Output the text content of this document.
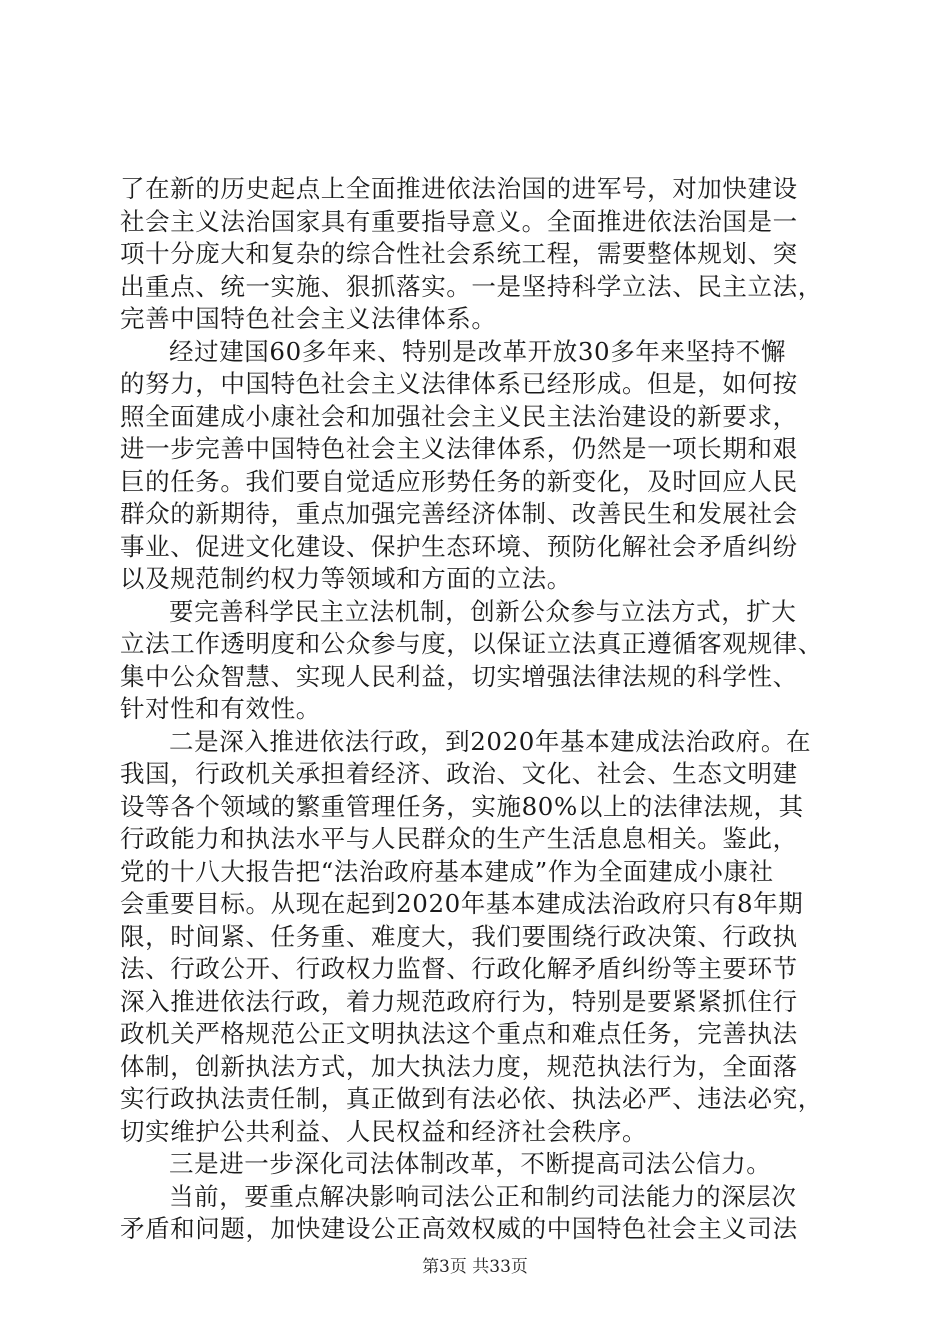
了在新的历史起点上全面推进依法治国的进军号，对加快建设
社会主义法治国家具有重要指导意义。全面推进依法治国是一
项十分庞大和复杂的综合性社会系统工程，需要整体规划、突
出重点、统一实施、狠抓落实。一是坚持科学立法、民主立法，
完善中国特色社会主义法律体系。
经过建国60多年来、特别是改革开放30多年来坚持不懈
的努力，中国特色社会主义法律体系已经形成。但是，如何按
照全面建成小康社会和加强社会主义民主法治建设的新要求，
进一步完善中国特色社会主义法律体系，仍然是一项长期和艰
巨的任务。我们要自觉适应形势任务的新变化，及时回应人民
群众的新期待，重点加强完善经济体制、改善民生和发展社会
事业、促进文化建设、保护生态环境、预防化解社会矛盾纠纷
以及规范制约权力等领域和方面的立法。
要完善科学民主立法机制，创新公众参与立法方式，扩大
立法工作透明度和公众参与度，以保证立法真正遵循客观规律、
集中公众智慧、实现人民利益，切实增强法律法规的科学性、
针对性和有效性。
二是深入推进依法行政，到2020年基本建成法治政府。在
我国，行政机关承担着经济、政治、文化、社会、生态文明建
设等各个领域的繁重管理任务，实施80%以上的法律法规，其
行政能力和执法水平与人民群众的生产生活息息相关。鉴此，
党的十八大报告把“法治政府基本建成”作为全面建成小康社
会重要目标。从现在起到2020年基本建成法治政府只有8年期
限，时间紧、任务重、难度大，我们要围绕行政决策、行政执
法、行政公开、行政权力监督、行政化解矛盾纠纷等主要环节
深入推进依法行政，着力规范政府行为，特别是要紧紧抓住行
政机关严格规范公正文明执法这个重点和难点任务，完善执法
体制，创新执法方式，加大执法力度，规范执法行为，全面落
实行政执法责任制，真正做到有法必依、执法必严、违法必究，
切实维护公共利益、人民权益和经济社会秩序。
三是进一步深化司法体制改革，不断提高司法公信力。
当前，要重点解决影响司法公正和制约司法能力的深层次
矛盾和问题，加快建设公正高效权威的中国特色社会主义司法
第3页 共33页
